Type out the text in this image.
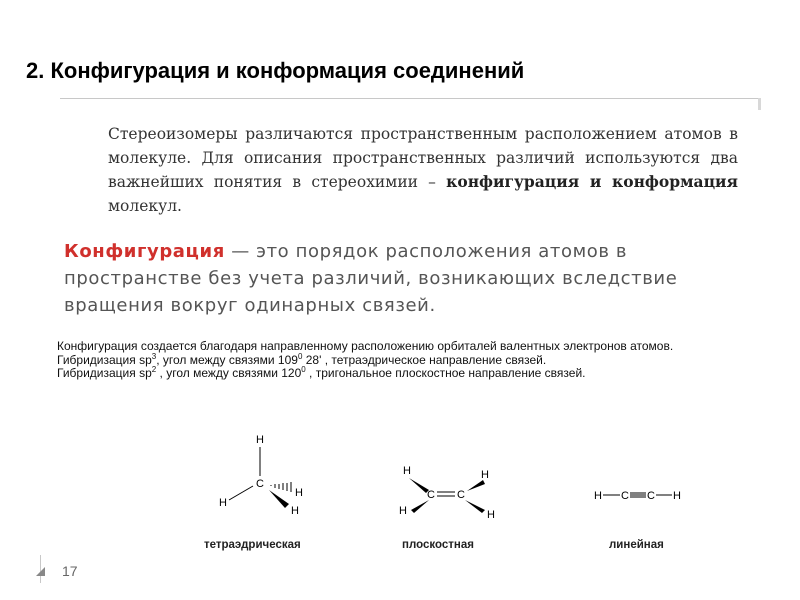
2. Конфигурация и конформация соединений
Стереоизомеры различаются пространственным расположением атомов в молекуле. Для описания пространственных различий используются два важнейших понятия в стереохимии – конфигурация и конформация молекул.
Конфигурация — это порядок расположения атомов в пространстве без учета различий, возникающих вследствие вращения вокруг одинарных связей.
Конфигурация создается благодаря направленному расположению орбиталей валентных электронов атомов.
Гибридизация $sp^3$, угол между связями $109^0$ 28' , тетраэдрическое направление связей.
Гибридизация $sp^2$ , угол между связями $120^0$ , тригональное плоскостное направление связей.
H
C
H
H
H
H
C C
H
H	H
H C C H
тетраэдрическая	плоскостная	линейная
17
